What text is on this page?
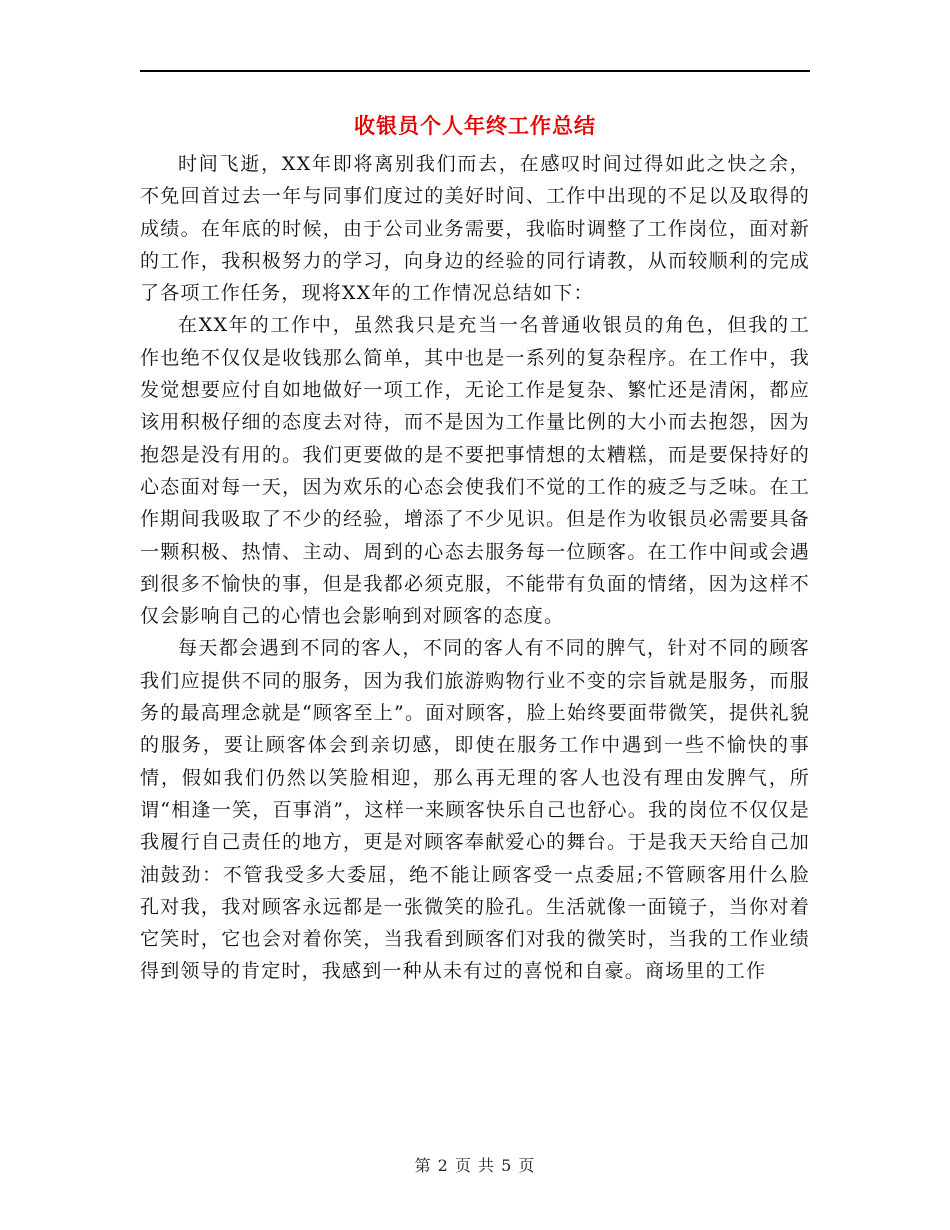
收银员个人年终工作总结

时间飞逝，XX年即将离别我们而去，在感叹时间过得如此之快之余，不免回首过去一年与同事们度过的美好时间、工作中出现的不足以及取得的成绩。在年底的时候，由于公司业务需要，我临时调整了工作岗位，面对新的工作，我积极努力的学习，向身边的经验的同行请教，从而较顺利的完成了各项工作任务，现将XX年的工作情况总结如下：

在XX年的工作中，虽然我只是充当一名普通收银员的角色，但我的工作也绝不仅仅是收钱那么简单，其中也是一系列的复杂程序。在工作中，我发觉想要应付自如地做好一项工作，无论工作是复杂、繁忙还是清闲，都应该用积极仔细的态度去对待，而不是因为工作量比例的大小而去抱怨，因为抱怨是没有用的。我们更要做的是不要把事情想的太糟糕，而是要保持好的心态面对每一天，因为欢乐的心态会使我们不觉的工作的疲乏与乏味。在工作期间我吸取了不少的经验，增添了不少见识。但是作为收银员必需要具备一颗积极、热情、主动、周到的心态去服务每一位顾客。在工作中间或会遇到很多不愉快的事，但是我都必须克服，不能带有负面的情绪，因为这样不仅会影响自己的心情也会影响到对顾客的态度。

每天都会遇到不同的客人，不同的客人有不同的脾气，针对不同的顾客我们应提供不同的服务，因为我们旅游购物行业不变的宗旨就是服务，而服务的最高理念就是“顾客至上”。面对顾客，脸上始终要面带微笑，提供礼貌的服务，要让顾客体会到亲切感，即使在服务工作中遇到一些不愉快的事情，假如我们仍然以笑脸相迎，那么再无理的客人也没有理由发脾气，所谓“相逢一笑，百事消”，这样一来顾客快乐自己也舒心。我的岗位不仅仅是我履行自己责任的地方，更是对顾客奉献爱心的舞台。于是我天天给自己加油鼓劲：不管我受多大委屈，绝不能让顾客受一点委屈;不管顾客用什么脸孔对我，我对顾客永远都是一张微笑的脸孔。生活就像一面镜子，当你对着它笑时，它也会对着你笑，当我看到顾客们对我的微笑时，当我的工作业绩得到领导的肯定时，我感到一种从未有过的喜悦和自豪。商场里的工作

第 2 页 共 5 页
